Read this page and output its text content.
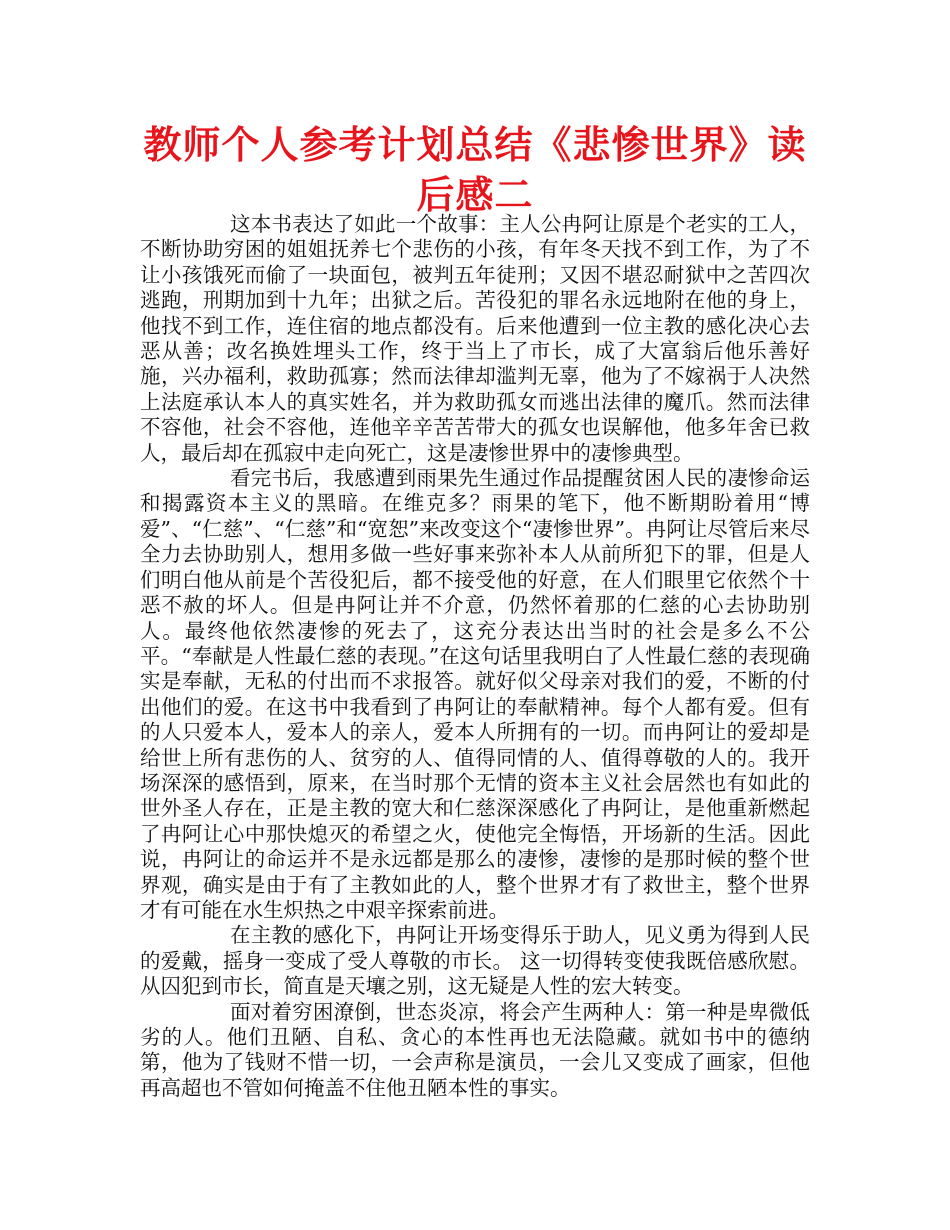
教师个人参考计划总结《悲惨世界》读后感二

这本书表达了如此一个故事：主人公冉阿让原是个老实的工人，不断协助穷困的姐姐抚养七个悲伤的小孩，有年冬天找不到工作，为了不让小孩饿死而偷了一块面包，被判五年徒刑；又因不堪忍耐狱中之苦四次逃跑，刑期加到十九年；出狱之后。苦役犯的罪名永远地附在他的身上，他找不到工作，连住宿的地点都没有。后来他遭到一位主教的感化决心去恶从善；改名换姓埋头工作，终于当上了市长，成了大富翁后他乐善好施，兴办福利，救助孤寡；然而法律却滥判无辜，他为了不嫁祸于人决然上法庭承认本人的真实姓名，并为救助孤女而逃出法律的魔爪。然而法律不容他，社会不容他，连他辛辛苦苦带大的孤女也误解他，他多年舍已救人，最后却在孤寂中走向死亡，这是凄惨世界中的凄惨典型。

看完书后，我感遭到雨果先生通过作品提醒贫困人民的凄惨命运和揭露资本主义的黑暗。在维克多？雨果的笔下，他不断期盼着用“博爱”、“仁慈”、“仁慈”和“宽恕”来改变这个“凄惨世界”。冉阿让尽管后来尽全力去协助别人，想用多做一些好事来弥补本人从前所犯下的罪，但是人们明白他从前是个苦役犯后，都不接受他的好意，在人们眼里它依然个十恶不赦的坏人。但是冉阿让并不介意，仍然怀着那的仁慈的心去协助别人。最终他依然凄惨的死去了，这充分表达出当时的社会是多么不公平。“奉献是人性最仁慈的表现。”在这句话里我明白了人性最仁慈的表现确实是奉献，无私的付出而不求报答。就好似父母亲对我们的爱，不断的付出他们的爱。在这书中我看到了冉阿让的奉献精神。每个人都有爱。但有的人只爱本人，爱本人的亲人，爱本人所拥有的一切。而冉阿让的爱却是给世上所有悲伤的人、贫穷的人、值得同情的人、值得尊敬的人的。我开场深深的感悟到，原来，在当时那个无情的资本主义社会居然也有如此的世外圣人存在，正是主教的宽大和仁慈深深感化了冉阿让，是他重新燃起了冉阿让心中那快熄灭的希望之火，使他完全悔悟，开场新的生活。因此说，冉阿让的命运并不是永远都是那么的凄惨，凄惨的是那时候的整个世界观，确实是由于有了主教如此的人，整个世界才有了救世主，整个世界才有可能在水生炽热之中艰辛探索前进。

在主教的感化下，冉阿让开场变得乐于助人，见义勇为得到人民的爱戴，摇身一变成了受人尊敬的市长。 这一切得转变使我既倍感欣慰。从囚犯到市长，简直是天壤之别，这无疑是人性的宏大转变。

面对着穷困潦倒，世态炎凉，将会产生两种人：第一种是卑微低劣的人。他们丑陋、自私、贪心的本性再也无法隐藏。就如书中的德纳第，他为了钱财不惜一切，一会声称是演员，一会儿又变成了画家，但他再高超也不管如何掩盖不住他丑陋本性的事实。
